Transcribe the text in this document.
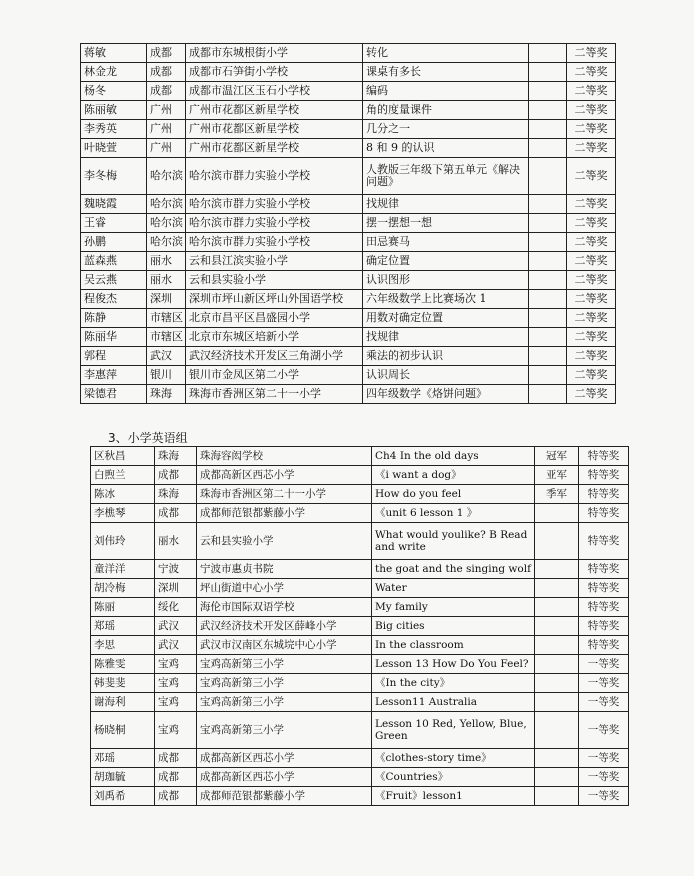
蒋敏	成都	成都市东城根街小学	转化		二等奖
林金龙	成都	成都市石笋街小学校	课桌有多长		二等奖
杨冬	成都	成都市温江区玉石小学校	编码		二等奖
陈丽敏	广州	广州市花都区新星学校	角的度量课件		二等奖
李秀英	广州	广州市花都区新星学校	几分之一		二等奖
叶晓萱	广州	广州市花都区新星学校	8 和 9 的认识		二等奖
李冬梅	哈尔滨	哈尔滨市群力实验小学校	人教版三年级下第五单元《解决问题》		二等奖
魏晓霞	哈尔滨	哈尔滨市群力实验小学校	找规律		二等奖
王睿	哈尔滨	哈尔滨市群力实验小学校	摆一摆想一想		二等奖
孙鹏	哈尔滨	哈尔滨市群力实验小学校	田忌赛马		二等奖
蓝森燕	丽水	云和县江滨实验小学	确定位置		二等奖
吴云燕	丽水	云和县实验小学	认识图形		二等奖
程俊杰	深圳	深圳市坪山新区坪山外国语学校	六年级数学上比赛场次 1		二等奖
陈静	市辖区	北京市昌平区昌盛园小学	用数对确定位置		二等奖
陈丽华	市辖区	北京市东城区培新小学	找规律		二等奖
郭程	武汉	武汉经济技术开发区三角湖小学	乘法的初步认识		二等奖
李惠萍	银川	银川市金凤区第二小学	认识周长		二等奖
梁德君	珠海	珠海市香洲区第二十一小学	四年级数学《烙饼问题》		二等奖
3、小学英语组
区秋昌	珠海	珠海容闳学校	Ch4 In the old days	冠军	特等奖
白煦兰	成都	成都高新区西芯小学	《i want a dog》	亚军	特等奖
陈冰	珠海	珠海市香洲区第二十一小学	How do you feel	季军	特等奖
李樵琴	成都	成都师范银都紫藤小学	《unit 6 lesson 1 》		特等奖
刘伟玲	丽水	云和县实验小学	What would youlike? B Read and write		特等奖
童洋洋	宁波	宁波市惠贞书院	the goat and the singing wolf		特等奖
胡冷梅	深圳	坪山街道中心小学	Water		特等奖
陈丽	绥化	海伦市国际双语学校	My family		特等奖
郑瑶	武汉	武汉经济技术开发区薛峰小学	Big cities		特等奖
李思	武汉	武汉市汉南区东城垸中心小学	In the classroom		特等奖
陈雅雯	宝鸡	宝鸡高新第三小学	Lesson 13 How Do You Feel?		一等奖
韩斐斐	宝鸡	宝鸡高新第三小学	《In the city》		一等奖
谢海利	宝鸡	宝鸡高新第三小学	Lesson11 Australia		一等奖
杨晓桐	宝鸡	宝鸡高新第三小学	Lesson 10 Red, Yellow, Blue, Green		一等奖
邓瑶	成都	成都高新区西芯小学	《clothes-story time》		一等奖
胡珈毓	成都	成都高新区西芯小学	《Countries》		一等奖
刘禹希	成都	成都师范银都紫藤小学	《Fruit》lesson1		一等奖
